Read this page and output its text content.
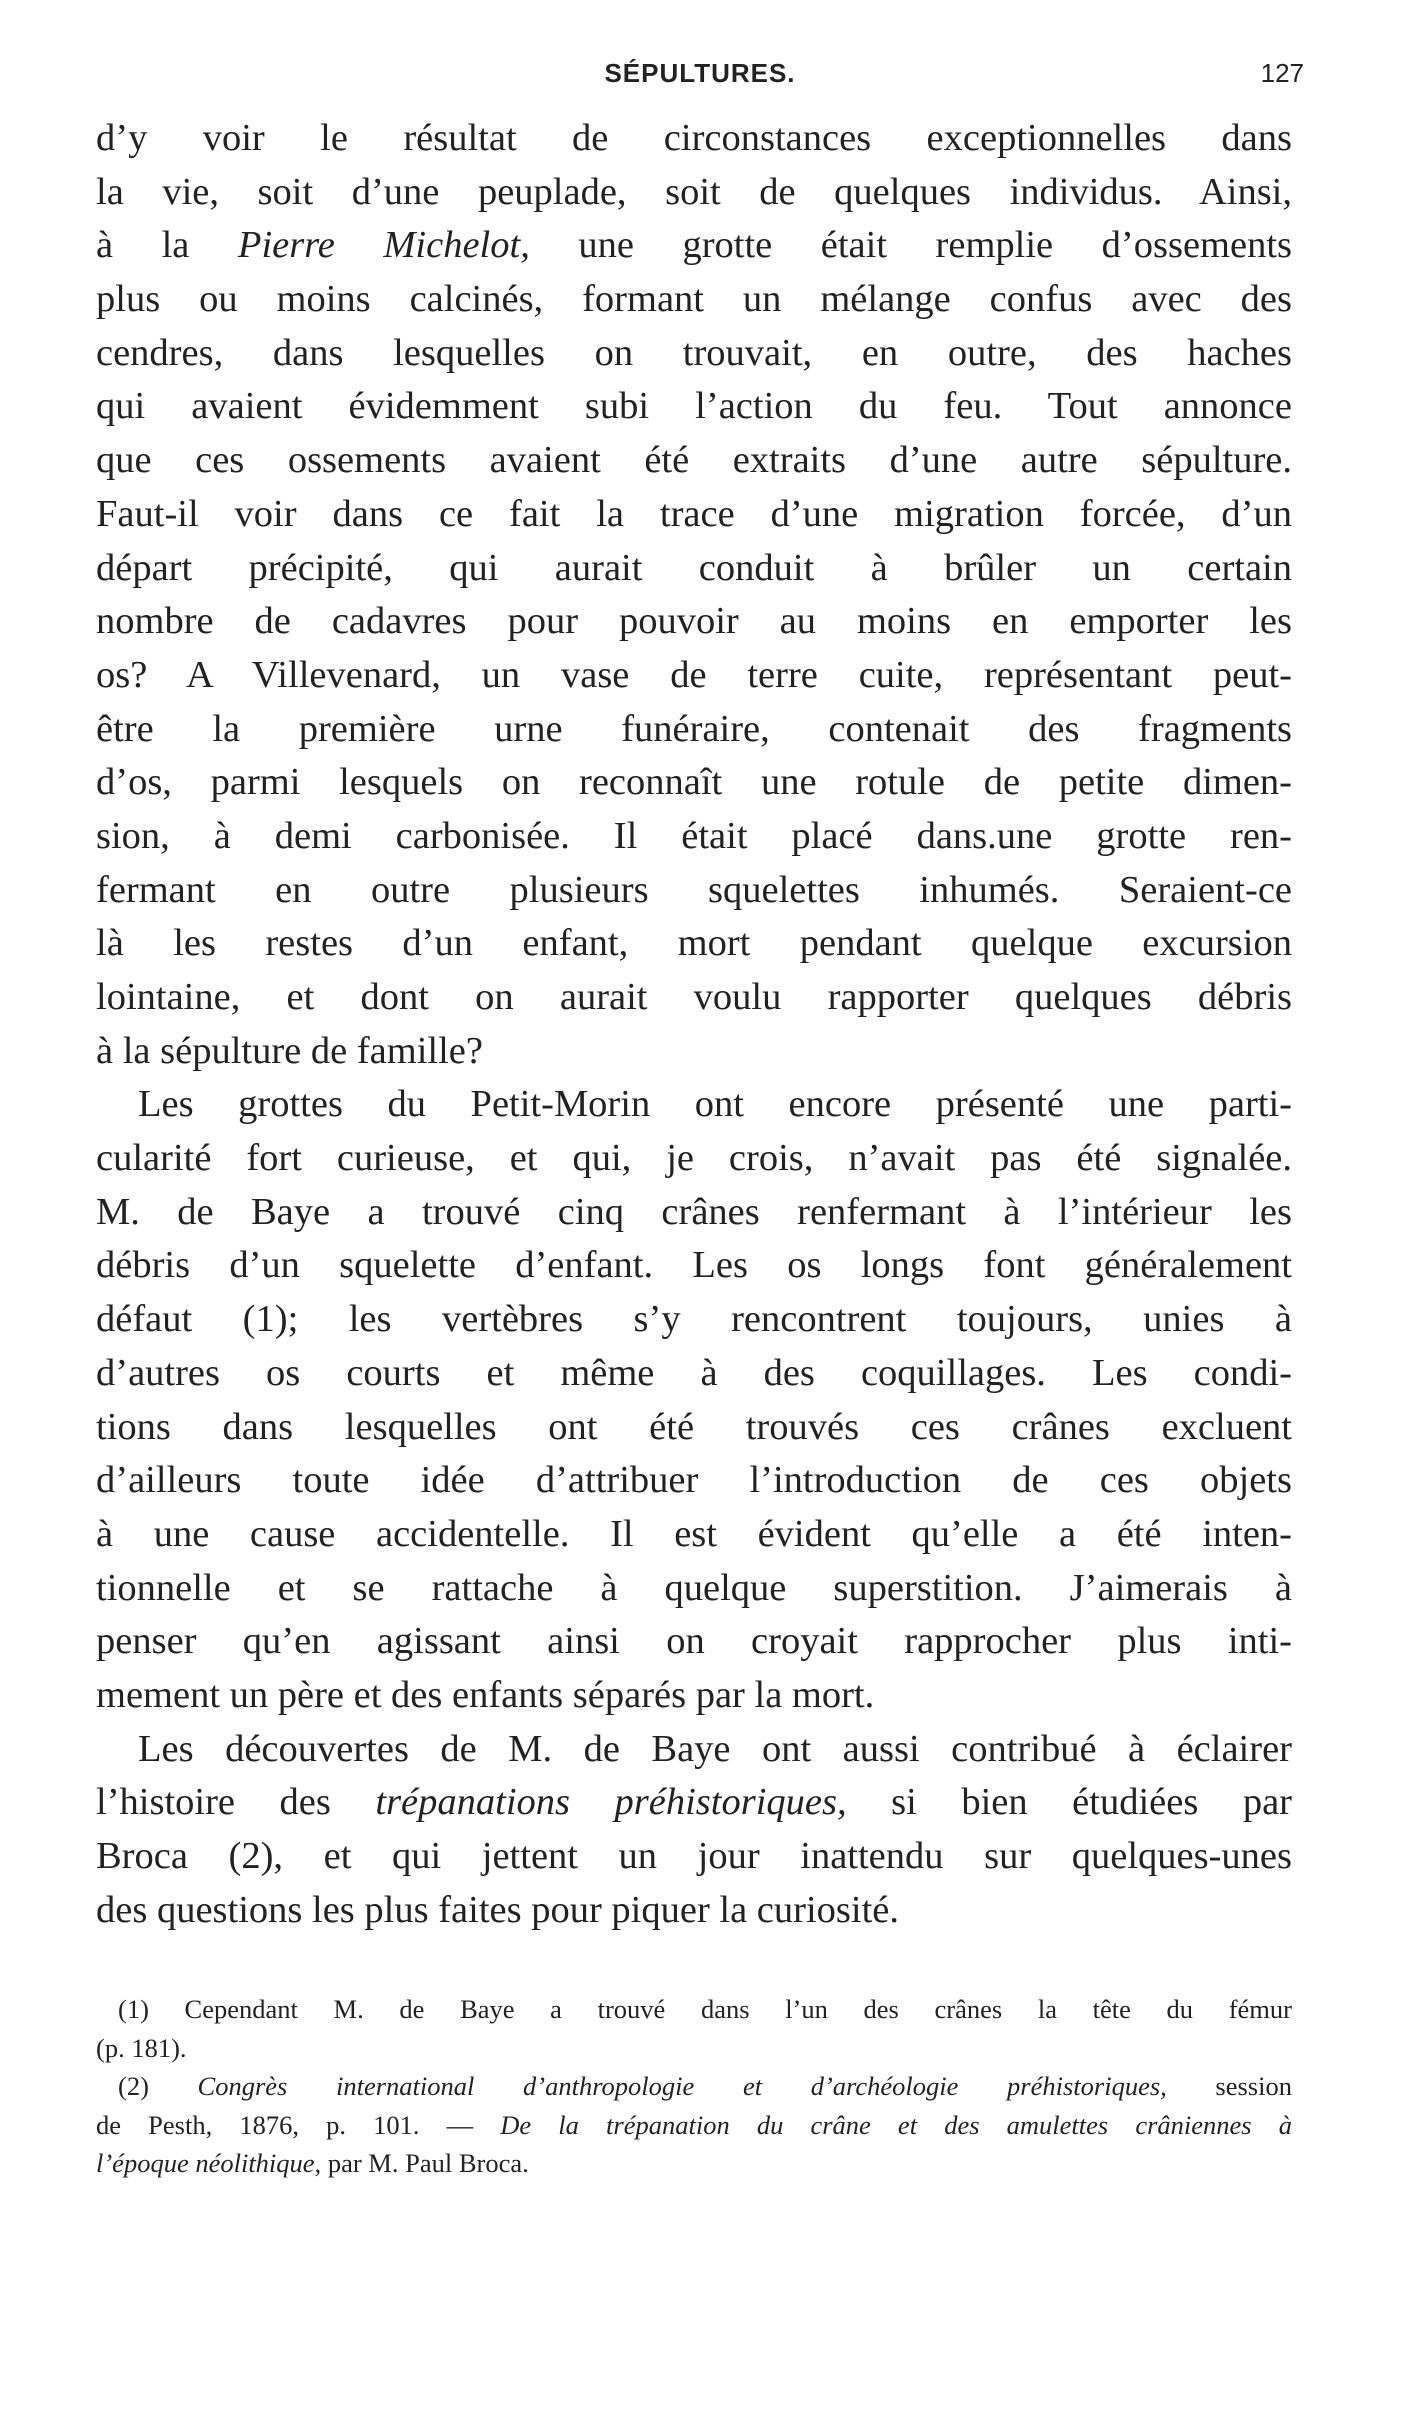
SÉPULTURES.	127
d’y voir le résultat de circonstances exceptionnelles dans
la vie, soit d’une peuplade, soit de quelques individus. Ainsi,
à la Pierre Michelot, une grotte était remplie d’ossements
plus ou moins calcinés, formant un mélange confus avec des
cendres, dans lesquelles on trouvait, en outre, des haches
qui avaient évidemment subi l’action du feu. Tout annonce
que ces ossements avaient été extraits d’une autre sépulture.
Faut-il voir dans ce fait la trace d’une migration forcée, d’un
départ précipité, qui aurait conduit à brûler un certain
nombre de cadavres pour pouvoir au moins en emporter les
os? A Villevenard, un vase de terre cuite, représentant peut-
être la première urne funéraire, contenait des fragments
d’os, parmi lesquels on reconnaît une rotule de petite dimen-
sion, à demi carbonisée. Il était placé dans.une grotte ren-
fermant en outre plusieurs squelettes inhumés. Seraient-ce
là les restes d’un enfant, mort pendant quelque excursion
lointaine, et dont on aurait voulu rapporter quelques débris
à la sépulture de famille?
Les grottes du Petit-Morin ont encore présenté une parti-
cularité fort curieuse, et qui, je crois, n’avait pas été signalée.
M. de Baye a trouvé cinq crânes renfermant à l’intérieur les
débris d’un squelette d’enfant. Les os longs font généralement
défaut (1); les vertèbres s’y rencontrent toujours, unies à
d’autres os courts et même à des coquillages. Les condi-
tions dans lesquelles ont été trouvés ces crânes excluent
d’ailleurs toute idée d’attribuer l’introduction de ces objets
à une cause accidentelle. Il est évident qu’elle a été inten-
tionnelle et se rattache à quelque superstition. J’aimerais à
penser qu’en agissant ainsi on croyait rapprocher plus inti-
mement un père et des enfants séparés par la mort.
Les découvertes de M. de Baye ont aussi contribué à éclairer
l’histoire des trépanations préhistoriques, si bien étudiées par
Broca (2), et qui jettent un jour inattendu sur quelques-unes
des questions les plus faites pour piquer la curiosité.
(1) Cependant M. de Baye a trouvé dans l’un des crânes la tête du fémur
(p. 181).
(2) Congrès international d’anthropologie et d’archéologie préhistoriques, session
de Pesth, 1876, p. 101. — De la trépanation du crâne et des amulettes crâniennes à
l’époque néolithique, par M. Paul Broca.
